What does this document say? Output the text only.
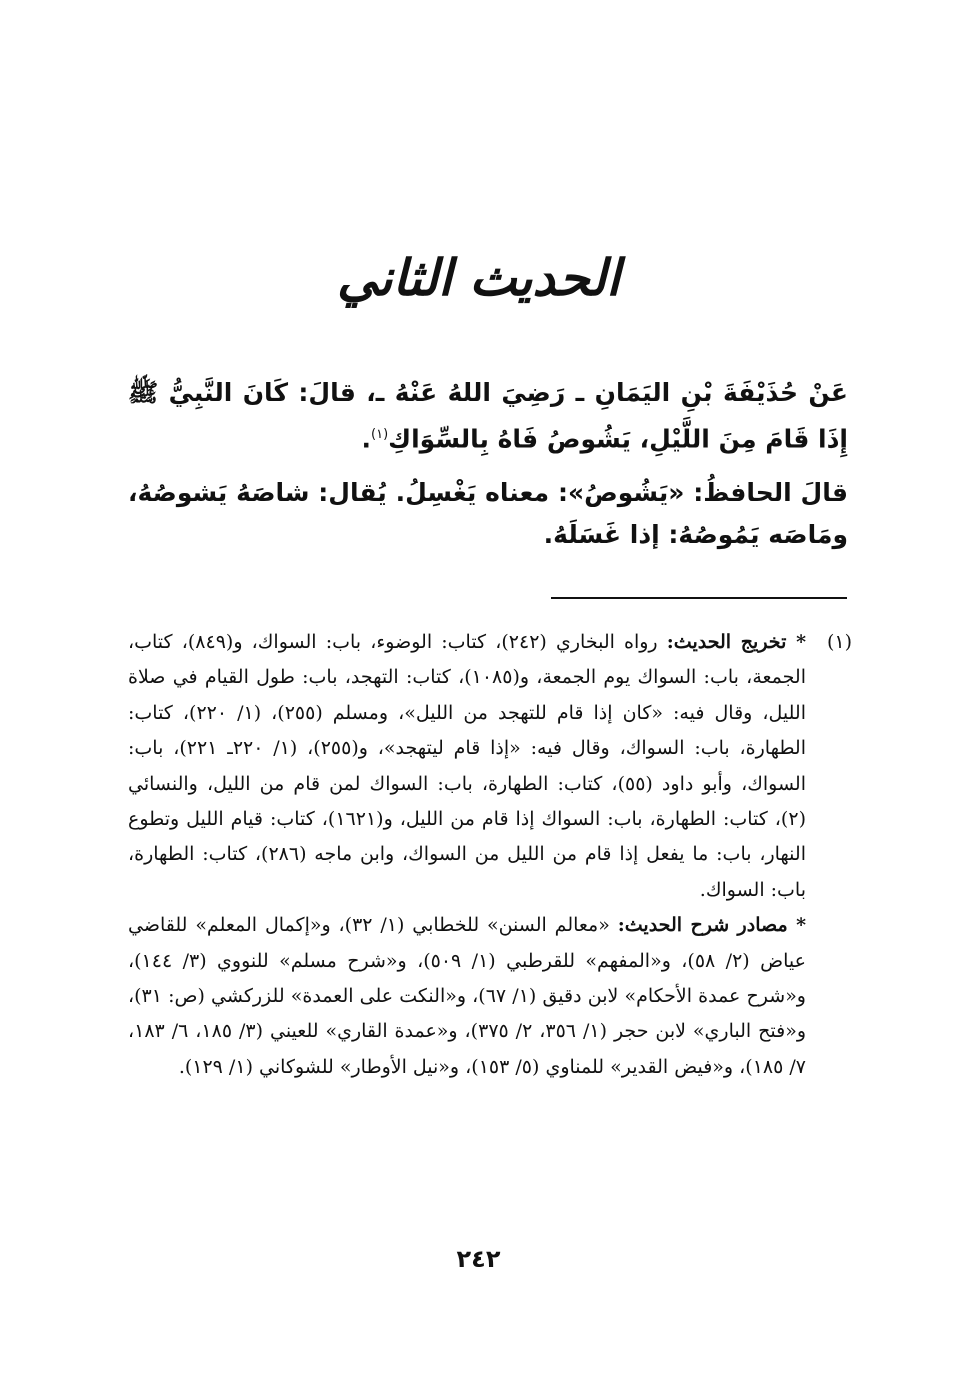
الحديث الثاني

عَنْ حُذَيْفَةَ بْنِ اليَمَانِ ـ رَضِيَ اللهُ عَنْهُ ـ، قالَ: كَانَ النَّبِيُّ ﷺ إِذَا قَامَ مِنَ اللَّيْلِ، يَشُوصُ فَاهُ بِالسِّوَاكِ$^{(١)}$.

قالَ الحافظُ: «يَشُوصُ»: معناه يَغْسِلُ. يُقال: شاصَهُ يَشوصُهُ، ومَاصَه يَمُوصُهُ: إذا غَسَلَهُ.

(١)

* تخريج الحديث: رواه البخاري (٢٤٢)، كتاب: الوضوء، باب: السواك، و(٨٤٩)، كتاب، الجمعة، باب: السواك يوم الجمعة، و(١٠٨٥)، كتاب: التهجد، باب: طول القيام في صلاة الليل، وقال فيه: «كان إذا قام للتهجد من الليل»، ومسلم (٢٥٥)، (١/ ٢٢٠)، كتاب: الطهارة، باب: السواك، وقال فيه: «إذا قام ليتهجد»، و(٢٥٥)، (١/ ٢٢٠ـ ٢٢١)، باب: السواك، وأبو داود (٥٥)، كتاب: الطهارة، باب: السواك لمن قام من الليل، والنسائي (٢)، كتاب: الطهارة، باب: السواك إذا قام من الليل، و(١٦٢١)، كتاب: قيام الليل وتطوع النهار، باب: ما يفعل إذا قام من الليل من السواك، وابن ماجه (٢٨٦)، كتاب: الطهارة، باب: السواك.

* مصادر شرح الحديث: «معالم السنن» للخطابي (١/ ٣٢)، و«إكمال المعلم» للقاضي عياض (٢/ ٥٨)، و«المفهم» للقرطبي (١/ ٥٠٩)، و«شرح مسلم» للنووي (٣/ ١٤٤)، و«شرح عمدة الأحكام» لابن دقيق (١/ ٦٧)، و«النكت على العمدة» للزركشي (ص: ٣١)، و«فتح الباري» لابن حجر (١/ ٣٥٦، ٢/ ٣٧٥)، و«عمدة القاري» للعيني (٣/ ١٨٥، ٦/ ١٨٣، ٧/ ١٨٥)، و«فيض القدير» للمناوي (٥/ ١٥٣)، و«نيل الأوطار» للشوكاني (١/ ١٢٩).

٢٤٢
